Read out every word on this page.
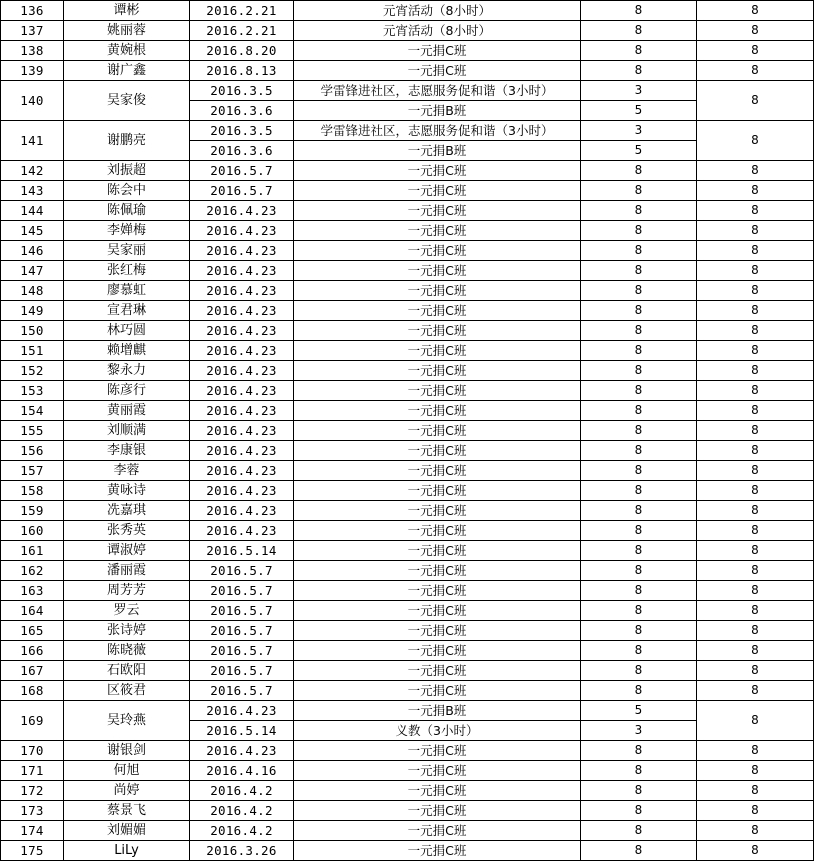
136	谭彬	2016.2.21	元宵活动（8小时）	8	8
137	姚丽蓉	2016.2.21	元宵活动（8小时）	8	8
138	黄婉根	2016.8.20	一元捐C班	8	8
139	谢广鑫	2016.8.13	一元捐C班	8	8
140	吴家俊	2016.3.5	学雷锋进社区，志愿服务促和谐（3小时）	3	8
		2016.3.6	一元捐B班	5	
141	谢鹏亮	2016.3.5	学雷锋进社区，志愿服务促和谐（3小时）	3	8
		2016.3.6	一元捐B班	5	
142	刘振超	2016.5.7	一元捐C班	8	8
143	陈会中	2016.5.7	一元捐C班	8	8
144	陈佩瑜	2016.4.23	一元捐C班	8	8
145	李婵梅	2016.4.23	一元捐C班	8	8
146	吴家丽	2016.4.23	一元捐C班	8	8
147	张红梅	2016.4.23	一元捐C班	8	8
148	廖慕虹	2016.4.23	一元捐C班	8	8
149	宣君琳	2016.4.23	一元捐C班	8	8
150	林巧圆	2016.4.23	一元捐C班	8	8
151	赖增麒	2016.4.23	一元捐C班	8	8
152	黎永力	2016.4.23	一元捐C班	8	8
153	陈彦行	2016.4.23	一元捐C班	8	8
154	黄丽霞	2016.4.23	一元捐C班	8	8
155	刘顺满	2016.4.23	一元捐C班	8	8
156	李康银	2016.4.23	一元捐C班	8	8
157	李蓉	2016.4.23	一元捐C班	8	8
158	黄咏诗	2016.4.23	一元捐C班	8	8
159	冼嘉琪	2016.4.23	一元捐C班	8	8
160	张秀英	2016.4.23	一元捐C班	8	8
161	谭淑婷	2016.5.14	一元捐C班	8	8
162	潘丽霞	2016.5.7	一元捐C班	8	8
163	周芳芳	2016.5.7	一元捐C班	8	8
164	罗云	2016.5.7	一元捐C班	8	8
165	张诗婷	2016.5.7	一元捐C班	8	8
166	陈晓薇	2016.5.7	一元捐C班	8	8
167	石欧阳	2016.5.7	一元捐C班	8	8
168	区筱君	2016.5.7	一元捐C班	8	8
169	吴玲燕	2016.4.23	一元捐B班	5	8
		2016.5.14	义教（3小时）	3	
170	谢银剑	2016.4.23	一元捐C班	8	8
171	何旭	2016.4.16	一元捐C班	8	8
172	尚婷	2016.4.2	一元捐C班	8	8
173	蔡景飞	2016.4.2	一元捐C班	8	8
174	刘媚媚	2016.4.2	一元捐C班	8	8
175	LiLy	2016.3.26	一元捐C班	8	8
